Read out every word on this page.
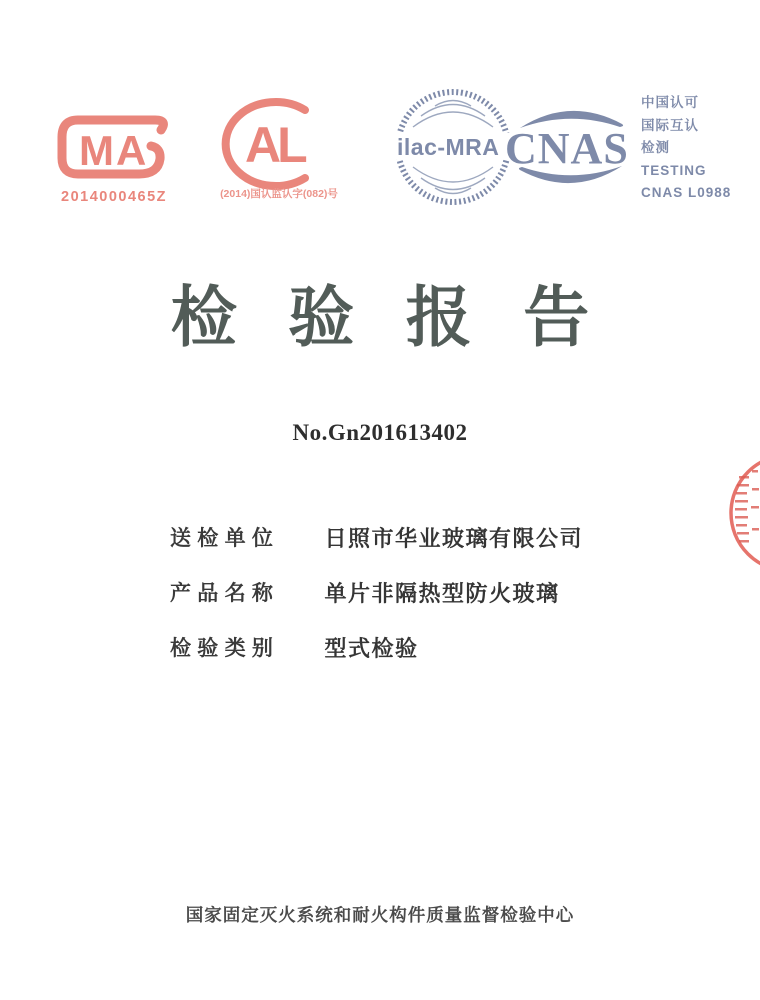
MA
2014000465Z
AL
(2014)国认监认字(082)号
ilac-MRA CNAS
中国认可
国际互认
检测
TESTING
CNAS L0988
检验报告
No.Gn201613402
送检单位 日照市华业玻璃有限公司
产品名称 单片非隔热型防火玻璃
检验类别 型式检验
国家固定灭火系统和耐火构件质量监督检验中心
